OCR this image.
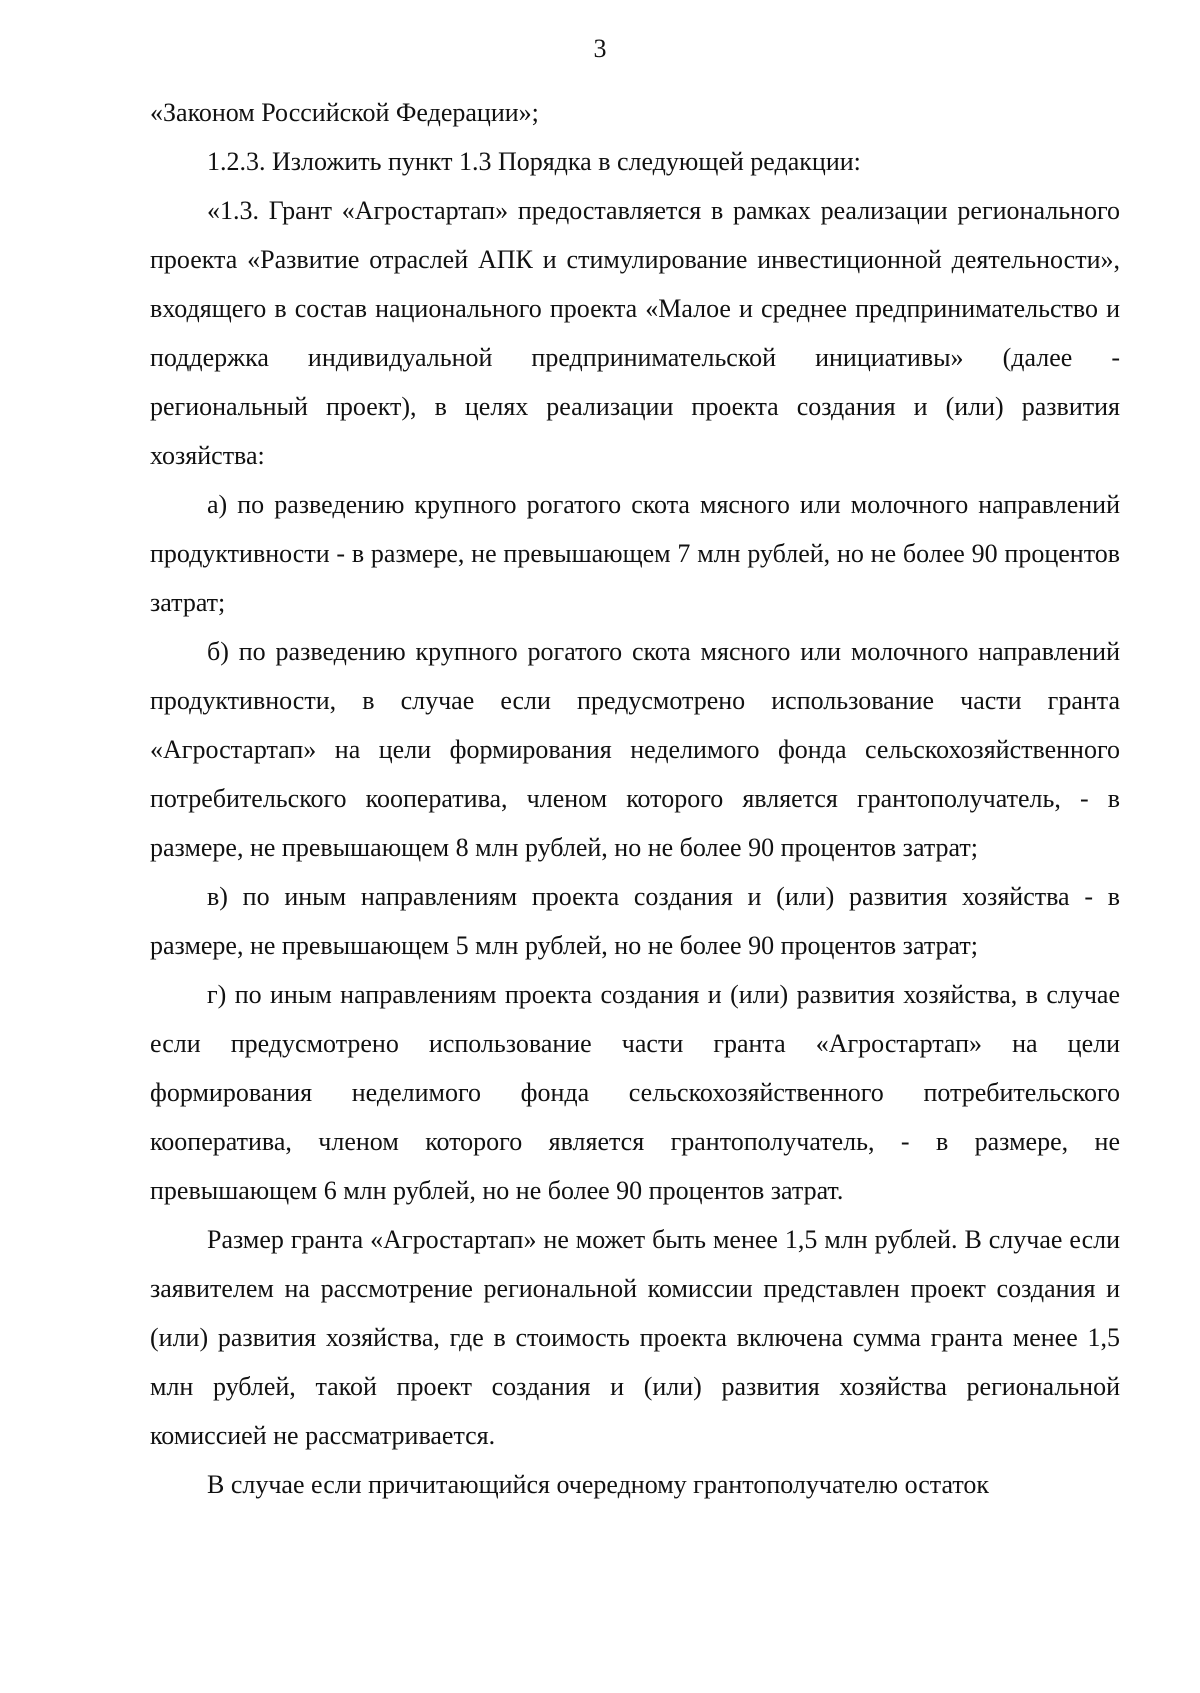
3

«Законом Российской Федерации»;

1.2.3. Изложить пункт 1.3 Порядка в следующей редакции:

«1.3. Грант «Агростартап» предоставляется в рамках реализации регионального проекта «Развитие отраслей АПК и стимулирование инвестиционной деятельности», входящего в состав национального проекта «Малое и среднее предпринимательство и поддержка индивидуальной предпринимательской инициативы» (далее - региональный проект), в целях реализации проекта создания и (или) развития хозяйства:

а) по разведению крупного рогатого скота мясного или молочного направлений продуктивности - в размере, не превышающем 7 млн рублей, но не более 90 процентов затрат;

б) по разведению крупного рогатого скота мясного или молочного направлений продуктивности, в случае если предусмотрено использование части гранта «Агростартап» на цели формирования неделимого фонда сельскохозяйственного потребительского кооператива, членом которого является грантополучатель, - в размере, не превышающем 8 млн рублей, но не более 90 процентов затрат;

в) по иным направлениям проекта создания и (или) развития хозяйства - в размере, не превышающем 5 млн рублей, но не более 90 процентов затрат;

г) по иным направлениям проекта создания и (или) развития хозяйства, в случае если предусмотрено использование части гранта «Агростартап» на цели формирования неделимого фонда сельскохозяйственного потребительского кооператива, членом которого является грантополучатель, - в размере, не превышающем 6 млн рублей, но не более 90 процентов затрат.

Размер гранта «Агростартап» не может быть менее 1,5 млн рублей. В случае если заявителем на рассмотрение региональной комиссии представлен проект создания и (или) развития хозяйства, где в стоимость проекта включена сумма гранта менее 1,5 млн рублей, такой проект создания и (или) развития хозяйства региональной комиссией не рассматривается.

В случае если причитающийся очередному грантополучателю остаток
